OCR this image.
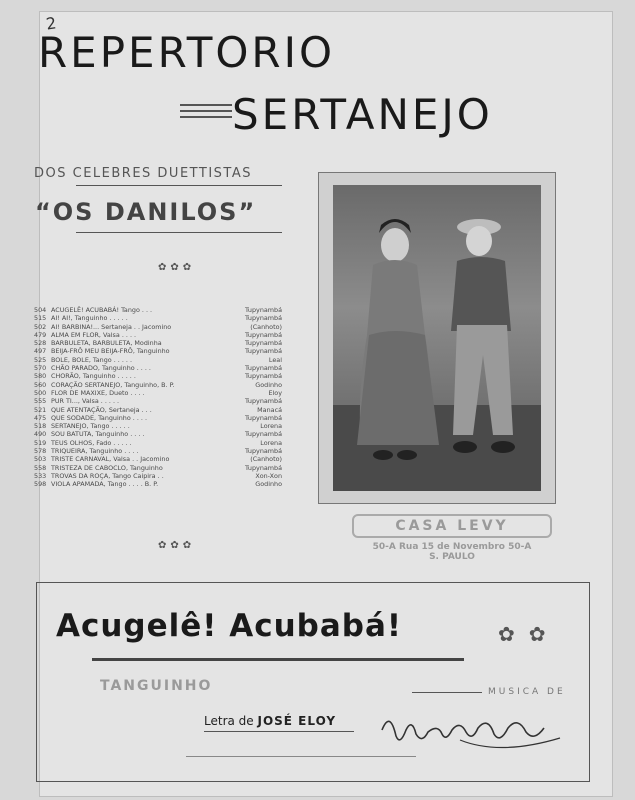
2
REPERTORIO
SERTANEJO
DOS CELEBRES DUETTISTAS
“OS DANILOS”
✿✿✿
504 ACUGELÊ! ACUBABÁ! Tango . . .	Tupynambá
515 AI! AI!, Tanguinho . . . . .	Tupynambá
502 AI! BARBINA!... Sertaneja . . Jacomino	(Canhoto)
479 ALMA EM FLOR, Valsa . . . .	Tupynambá
528 BARBULETA, BARBULETA, Modinha	Tupynambá
497 BEIJA-FRÔ MEU BEIJA-FRÔ, Tanguinho	Tupynambá
525 BOLE, BOLE, Tango . . . . .	Leal
570 CHÃO PARADO, Tanguinho . . . .	Tupynambá
580 CHORÃO, Tanguinho . . . . .	Tupynambá
560 CORAÇÃO SERTANEJO, Tanguinho, B. P.	Godinho
500 FLOR DE MAXIXE, Dueto . . . .	Eloy
555 PUR TI..., Valsa . . . . .	Tupynambá
521 QUE ATENTAÇÃO, Sertaneja . . .	Manacá
475 QUE SODADE, Tanguinho . . . .	Tupynambá
518 SERTANEJO, Tango . . . . .	Lorena
490 SOU BATUTA, Tanguinho . . . .	Tupynambá
519 TEUS OLHOS, Fado . . . . .	Lorena
578 TRIQUEIRA, Tanguinho . . . .	Tupynambá
503 TRISTE CARNAVAL, Valsa . . Jacomino	(Canhoto)
558 TRISTEZA DE CABOCLO, Tanguinho	Tupynambá
533 TROVAS DA ROÇA, Tango Caipira . .	Xon-Xon
598 VIOLA APAMADA, Tango . . . . B. P.	Godinho
✿✿✿
CASA LEVY
50-A Rua 15 de Novembro 50-A
S. PAULO
Acugelê! Acubabá!	✿✿
TANGUINHO
Letra de JOSÉ ELOY
MUSICA DE
